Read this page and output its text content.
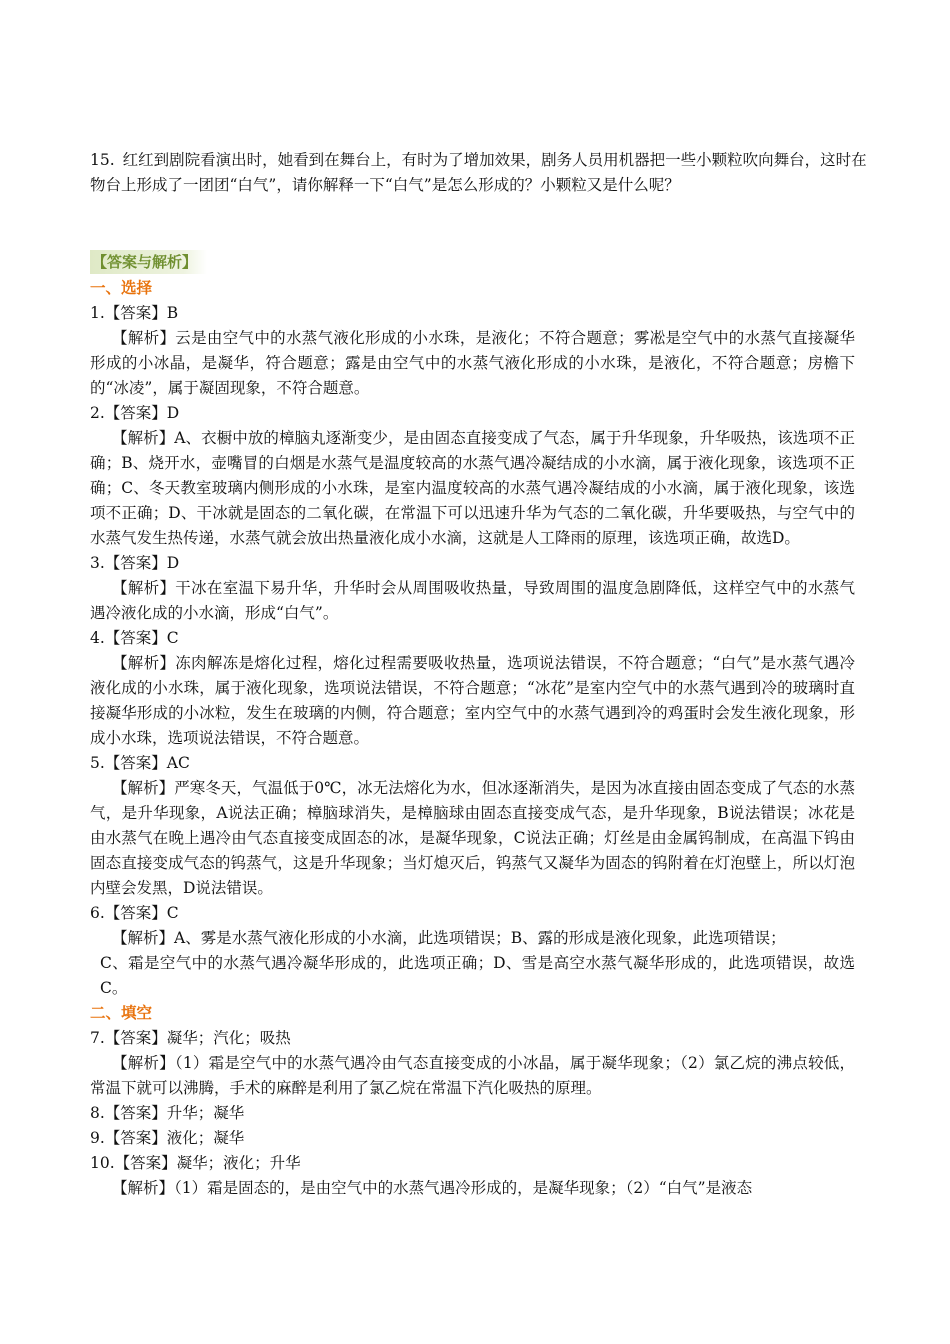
15. 红红到剧院看演出时，她看到在舞台上，有时为了增加效果，剧务人员用机器把一些小颗粒吹向舞台，这时在物台上形成了一团团“白气”，请你解释一下“白气”是怎么形成的？小颗粒又是什么呢？

【答案与解析】

一、选择

1.【答案】B

【解析】云是由空气中的水蒸气液化形成的小水珠，是液化；不符合题意；雾凇是空气中的水蒸气直接凝华形成的小冰晶，是凝华，符合题意；露是由空气中的水蒸气液化形成的小水珠，是液化，不符合题意；房檐下的“冰凌”，属于凝固现象，不符合题意。

2.【答案】D

【解析】A、衣橱中放的樟脑丸逐渐变少，是由固态直接变成了气态，属于升华现象，升华吸热，该选项不正确；B、烧开水，壶嘴冒的白烟是水蒸气是温度较高的水蒸气遇冷凝结成的小水滴，属于液化现象，该选项不正确；C、冬天教室玻璃内侧形成的小水珠，是室内温度较高的水蒸气遇冷凝结成的小水滴，属于液化现象，该选项不正确；D、干冰就是固态的二氧化碳，在常温下可以迅速升华为气态的二氧化碳，升华要吸热，与空气中的水蒸气发生热传递，水蒸气就会放出热量液化成小水滴，这就是人工降雨的原理，该选项正确，故选D。

3.【答案】D

【解析】干冰在室温下易升华，升华时会从周围吸收热量，导致周围的温度急剧降低，这样空气中的水蒸气遇冷液化成的小水滴，形成“白气”。

4.【答案】C

【解析】冻肉解冻是熔化过程，熔化过程需要吸收热量，选项说法错误，不符合题意；“白气”是水蒸气遇冷液化成的小水珠，属于液化现象，选项说法错误，不符合题意；“冰花”是室内空气中的水蒸气遇到冷的玻璃时直接凝华形成的小冰粒，发生在玻璃的内侧，符合题意；室内空气中的水蒸气遇到冷的鸡蛋时会发生液化现象，形成小水珠，选项说法错误，不符合题意。

5.【答案】AC

【解析】严寒冬天，气温低于0℃，冰无法熔化为水，但冰逐渐消失，是因为冰直接由固态变成了气态的水蒸气，是升华现象，A说法正确；樟脑球消失，是樟脑球由固态直接变成气态，是升华现象，B说法错误；冰花是由水蒸气在晚上遇冷由气态直接变成固态的冰，是凝华现象，C说法正确；灯丝是由金属钨制成，在高温下钨由固态直接变成气态的钨蒸气，这是升华现象；当灯熄灭后，钨蒸气又凝华为固态的钨附着在灯泡壁上，所以灯泡内壁会发黑，D说法错误。

6.【答案】C

【解析】A、雾是水蒸气液化形成的小水滴，此选项错误；B、露的形成是液化现象，此选项错误；
C、霜是空气中的水蒸气遇冷凝华形成的，此选项正确；D、雪是高空水蒸气凝华形成的，此选项错误，故选C。

二、填空

7.【答案】凝华；汽化；吸热

【解析】（1）霜是空气中的水蒸气遇冷由气态直接变成的小冰晶，属于凝华现象；（2）氯乙烷的沸点较低，常温下就可以沸腾，手术的麻醉是利用了氯乙烷在常温下汽化吸热的原理。

8.【答案】升华；凝华

9.【答案】液化；凝华

10.【答案】凝华；液化；升华

【解析】（1）霜是固态的，是由空气中的水蒸气遇冷形成的，是凝华现象；（2）“白气”是液态
